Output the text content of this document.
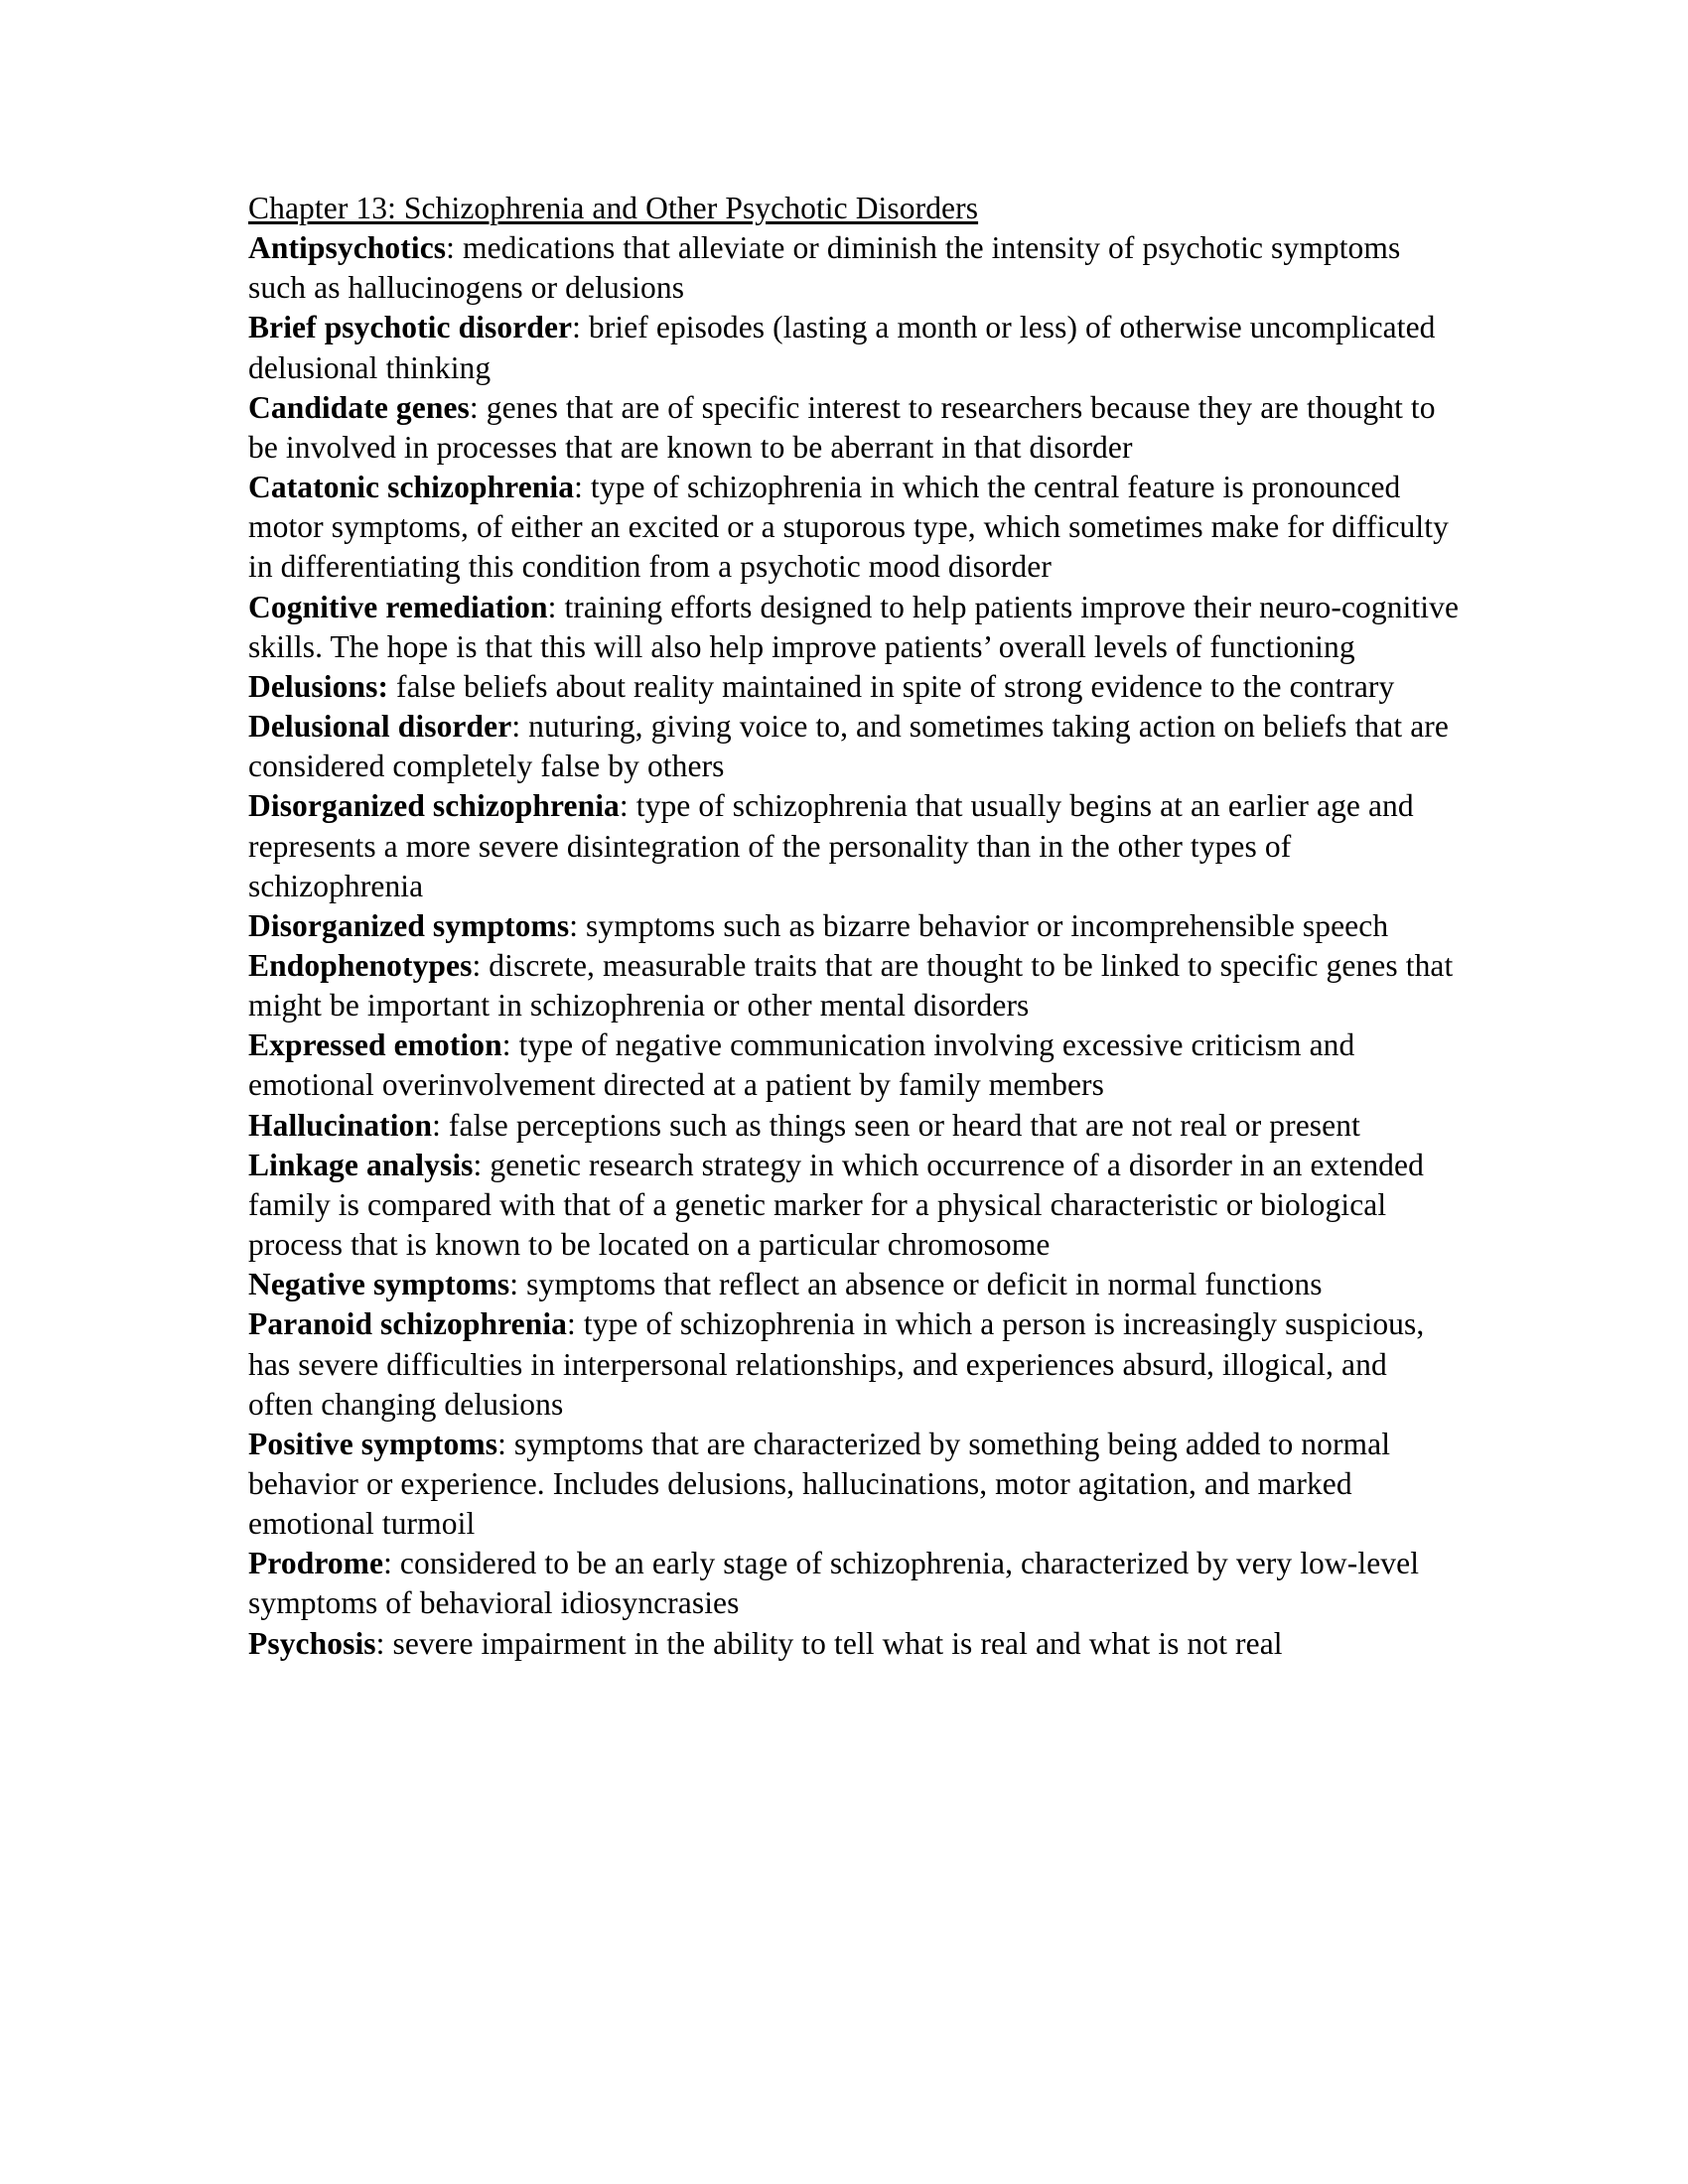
Chapter 13: Schizophrenia and Other Psychotic Disorders
Antipsychotics: medications that alleviate or diminish the intensity of psychotic symptoms such as hallucinogens or delusions
Brief psychotic disorder: brief episodes (lasting a month or less) of otherwise uncomplicated delusional thinking
Candidate genes: genes that are of specific interest to researchers because they are thought to be involved in processes that are known to be aberrant in that disorder
Catatonic schizophrenia: type of schizophrenia in which the central feature is pronounced motor symptoms, of either an excited or a stuporous type, which sometimes make for difficulty in differentiating this condition from a psychotic mood disorder
Cognitive remediation: training efforts designed to help patients improve their neuro-cognitive skills. The hope is that this will also help improve patients’ overall levels of functioning
Delusions: false beliefs about reality maintained in spite of strong evidence to the contrary
Delusional disorder: nuturing, giving voice to, and sometimes taking action on beliefs that are considered completely false by others
Disorganized schizophrenia: type of schizophrenia that usually begins at an earlier age and represents a more severe disintegration of the personality than in the other types of schizophrenia
Disorganized symptoms: symptoms such as bizarre behavior or incomprehensible speech
Endophenotypes: discrete, measurable traits that are thought to be linked to specific genes that might be important in schizophrenia or other mental disorders
Expressed emotion: type of negative communication involving excessive criticism and emotional overinvolvement directed at a patient by family members
Hallucination: false perceptions such as things seen or heard that are not real or present
Linkage analysis: genetic research strategy in which occurrence of a disorder in an extended family is compared with that of a genetic marker for a physical characteristic or biological process that is known to be located on a particular chromosome
Negative symptoms: symptoms that reflect an absence or deficit in normal functions
Paranoid schizophrenia: type of schizophrenia in which a person is increasingly suspicious, has severe difficulties in interpersonal relationships, and experiences absurd, illogical, and often changing delusions
Positive symptoms: symptoms that are characterized by something being added to normal behavior or experience. Includes delusions, hallucinations, motor agitation, and marked emotional turmoil
Prodrome: considered to be an early stage of schizophrenia, characterized by very low-level symptoms of behavioral idiosyncrasies
Psychosis: severe impairment in the ability to tell what is real and what is not real
